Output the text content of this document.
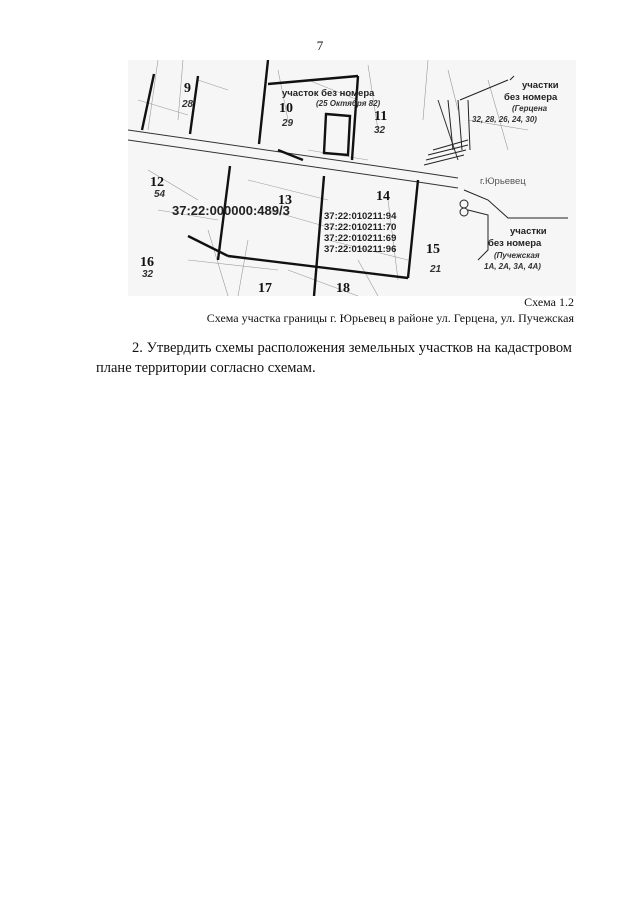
7
9
28	10
29	11
32
12
54	13	14
15
21
16
32
17	18
участок без номера
(25 Октября 82)
участки
без номера
(Герцена
32, 28, 26, 24, 30)
участки
без номера
(Пучежская
1А, 2А, 3А, 4А)
г.Юрьевец
37:22:000000:489/3	37:22:010211:94
37:22:010211:70
37:22:010211:69
37:22:010211:96
Схема 1.2
Схема участка границы г. Юрьевец в районе ул. Герцена, ул. Пучежская
2. Утвердить схемы расположения земельных участков на кадастровом плане территории согласно схемам.
